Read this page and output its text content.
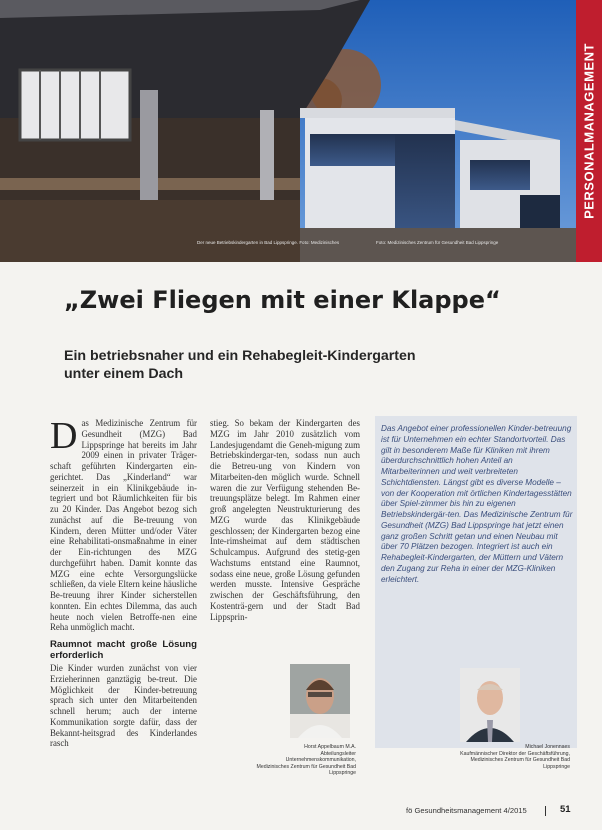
Der neue Betriebskindergarten in Bad Lippspringe. Foto: Medizinisches	Foto: Medizinisches Zentrum für Gesundheit Bad Lippspringe
PERSONALMANAGEMENT
„Zwei Fliegen mit einer Klappe“
Ein betriebsnaher und ein Rehabegleit-Kindergarten unter einem Dach

D as Medizinische Zentrum für Gesundheit (MZG) Bad Lippspringe hat bereits im Jahr 2009 einen in privater Träger-schaft geführten Kindergarten ein-gerichtet. Das „Kinderland“ war seinerzeit in ein Klinikgebäude in-tegriert und bot Räumlichkeiten für bis zu 20 Kinder. Das Angebot bezog sich zunächst auf die Be-treuung von Kindern, deren Mütter und/oder Väter eine Rehabilitati-onsmaßnahme in einer der Ein-richtungen des MZG durchgeführt haben. Damit konnte das MZG eine echte Versorgungslücke schließen, da viele Eltern keine häusliche Be-treuung ihrer Kinder sicherstellen konnten. Ein echtes Dilemma, das auch heute noch vielen Betroffe-nen eine Reha unmöglich macht.

Raumnot macht große Lösung erforderlich

Die Kinder wurden zunächst von vier Erzieherinnen ganztägig be-treut. Die Möglichkeit der Kinder-betreuung sprach sich unter den Mitarbeitenden schnell herum; auch der interne Kommunikation sorgte dafür, dass der Bekannt-heitsgrad des Kinderlandes rasch

stieg. So bekam der Kindergarten des MZG im Jahr 2010 zusätzlich vom Landesjugendamt die Geneh-migung zum Betriebskindergar-ten, sodass nun auch die Betreu-ung von Kindern von Mitarbeiten-den möglich wurde. Schnell waren die zur Verfügung stehenden Be-treuungsplätze belegt. Im Rahmen einer groß angelegten Neustrukturierung des MZG wurde das Klinikgebäude geschlossen; der Kindergarten bezog eine Inte-rimsheimat auf dem städtischen Schulcampus. Aufgrund des stetig-gen Wachstums entstand eine Raumnot, sodass eine neue, große Lösung gefunden werden musste. Intensive Gespräche zwischen der Geschäftsführung, den Kostenträ-gern und der Stadt Bad Lippsprin-

Das Angebot einer professionellen Kinder-betreuung ist für Unternehmen ein echter Standortvorteil. Das gilt in besonderem Maße für Kliniken mit ihrem überdurchschnittlich hohen Anteil an Mitarbeiterinnen und weit verbreiteten Schichtdiensten. Längst gibt es diverse Modelle – von der Kooperation mit örtlichen Kindertagesstätten über Spiel-zimmer bis hin zu eigenen Betriebskindergär-ten. Das Medizinische Zentrum für Gesundheit (MZG) Bad Lippspringe hat jetzt einen ganz großen Schritt getan und einen Neubau mit über 70 Plätzen bezogen. Integriert ist auch ein Rehabegleit-Kindergarten, der Müttern und Vätern den Zugang zur Reha in einer der MZG-Kliniken erleichtert.
Horst Appelbaum M.A.
Abteilungsleiter Unternehmenskommunikation, Medizinisches Zentrum für Gesundheit Bad Lippspringe
Michael Jonennaes
Kaufmännischer Direktor der Geschäftsführung, Medizinisches Zentrum für Gesundheit Bad Lippspringe
fö Gesundheitsmanagement 4/2015	51
